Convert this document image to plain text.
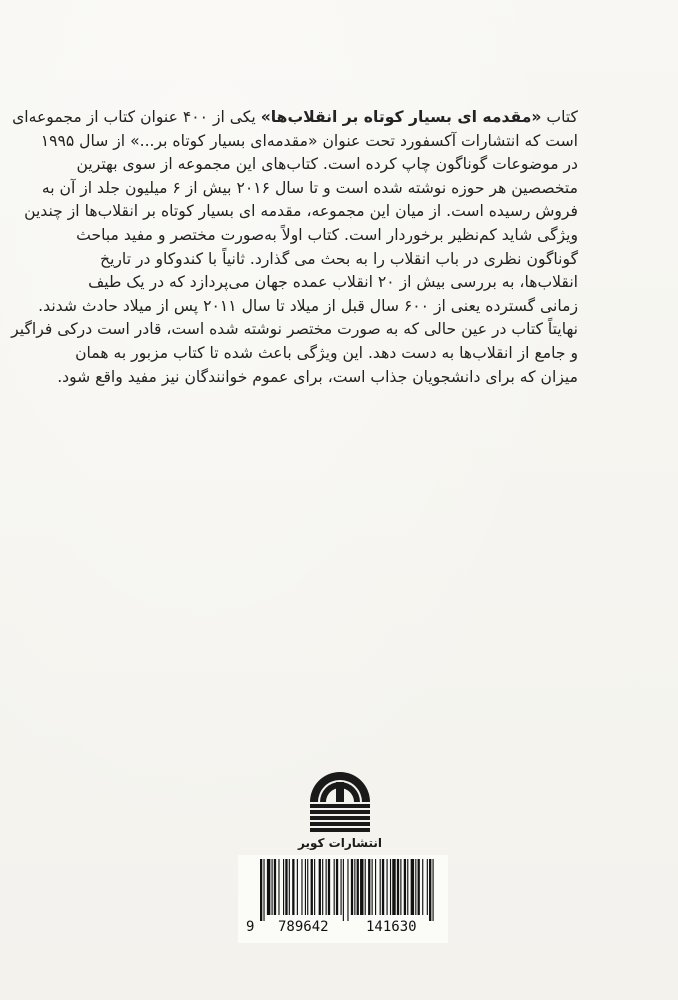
کتاب «مقدمه ای بسیار کوتاه بر انقلاب‌ها» یکی از ۴۰۰ عنوان کتاب از مجموعه‌ای
است که انتشارات آکسفورد تحت عنوان «مقدمه‌ای بسیار کوتاه بر...» از سال ۱۹۹۵
در موضوعات گوناگون چاپ کرده است. کتاب‌های این مجموعه از سوی بهترین
متخصصین هر حوزه نوشته شده است و تا سال ۲۰۱۶ بیش از ۶ میلیون جلد از آن به
فروش رسیده است. از میان این مجموعه، مقدمه ای بسیار کوتاه بر انقلاب‌ها از چندین
ویژگی شاید کم‌نظیر برخوردار است. کتاب اولاً به‌صورت مختصر و مفید مباحث
گوناگون نظری در باب انقلاب را به بحث می گذارد. ثانیاً با کندوکاو در تاریخ
انقلاب‌ها، به بررسی بیش از ۲۰ انقلاب عمده جهان می‌پردازد که در یک طیف
زمانی گسترده یعنی از ۶۰۰ سال قبل از میلاد تا سال ۲۰۱۱ پس از میلاد حادث شدند.
نهایتاً کتاب در عین حالی که به صورت مختصر نوشته شده است، قادر است درکی فراگیر
و جامع از انقلاب‌ها به دست دهد. این ویژگی باعث شده تا کتاب مزبور به همان
میزان که برای دانشجویان جذاب است، برای عموم خوانندگان نیز مفید واقع شود.
انتشارات کویر
9 789642	141630
